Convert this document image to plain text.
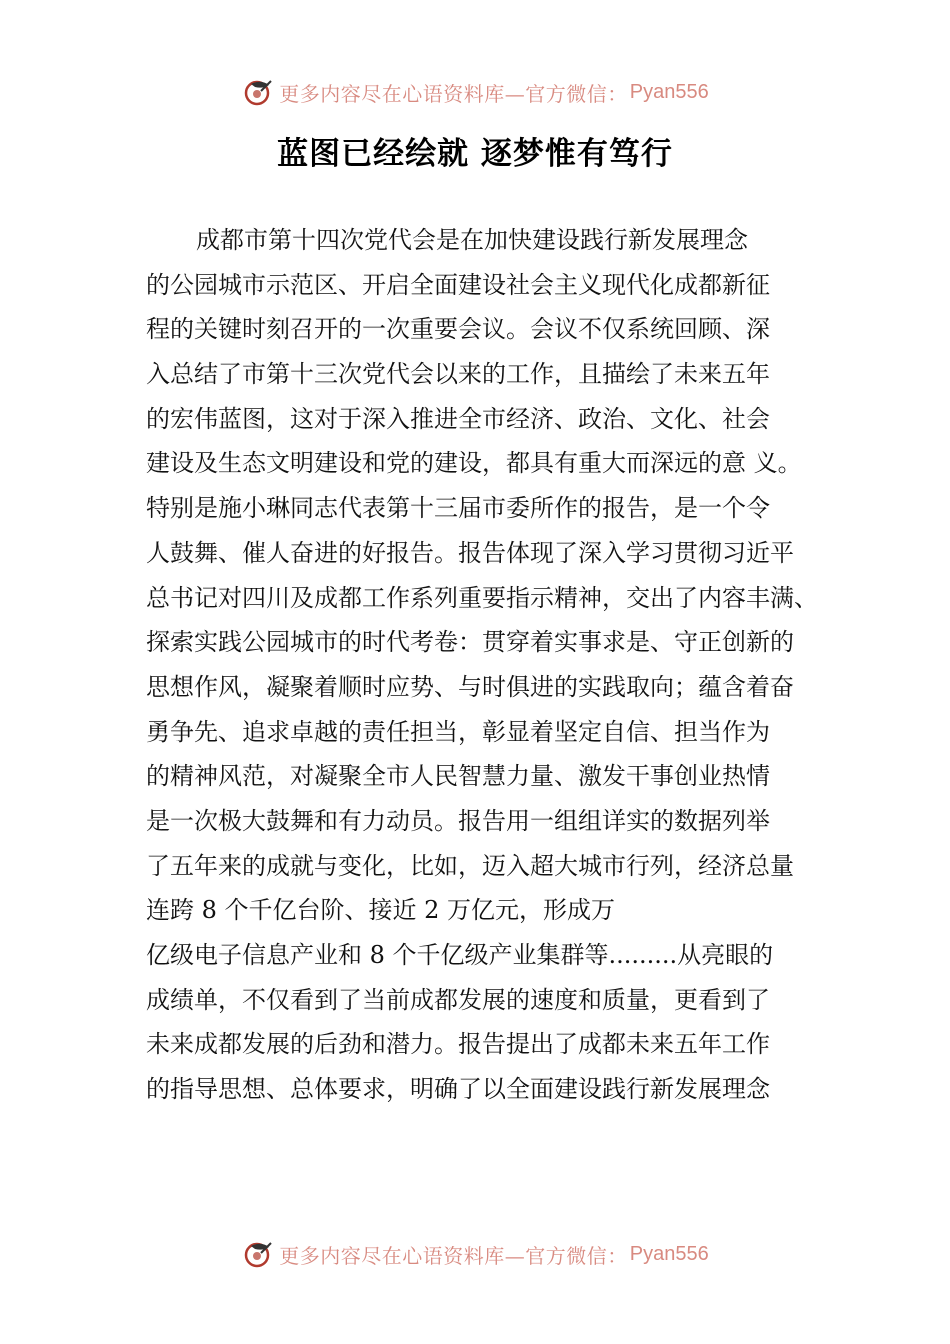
更多内容尽在心语资料库—官方微信： Pyan556
蓝图已经绘就 逐梦惟有笃行
成都市第十四次党代会是在加快建设践行新发展理念
的公园城市示范区、开启全面建设社会主义现代化成都新征
程的关键时刻召开的一次重要会议。会议不仅系统回顾、深
入总结了市第十三次党代会以来的工作，且描绘了未来五年
的宏伟蓝图，这对于深入推进全市经济、政治、文化、社会
建设及生态文明建设和党的建设，都具有重大而深远的意 义。
特别是施小琳同志代表第十三届市委所作的报告，是一个令
人鼓舞、催人奋进的好报告。报告体现了深入学习贯彻习近平
总书记对四川及成都工作系列重要指示精神，交出了内容丰满、
探索实践公园城市的时代考卷：贯穿着实事求是、守正创新的
思想作风，凝聚着顺时应势、与时俱进的实践取向；蕴含着奋
勇争先、追求卓越的责任担当，彰显着坚定自信、担当作为
的精神风范，对凝聚全市人民智慧力量、激发干事创业热情
是一次极大鼓舞和有力动员。报告用一组组详实的数据列举
了五年来的成就与变化，比如，迈入超大城市行列，经济总量
连跨 8 个千亿台阶、接近 2 万亿元，形成万
亿级电子信息产业和 8 个千亿级产业集群等.........从亮眼的
成绩单，不仅看到了当前成都发展的速度和质量，更看到了
未来成都发展的后劲和潜力。报告提出了成都未来五年工作
的指导思想、总体要求，明确了以全面建设践行新发展理念
更多内容尽在心语资料库—官方微信： Pyan556
